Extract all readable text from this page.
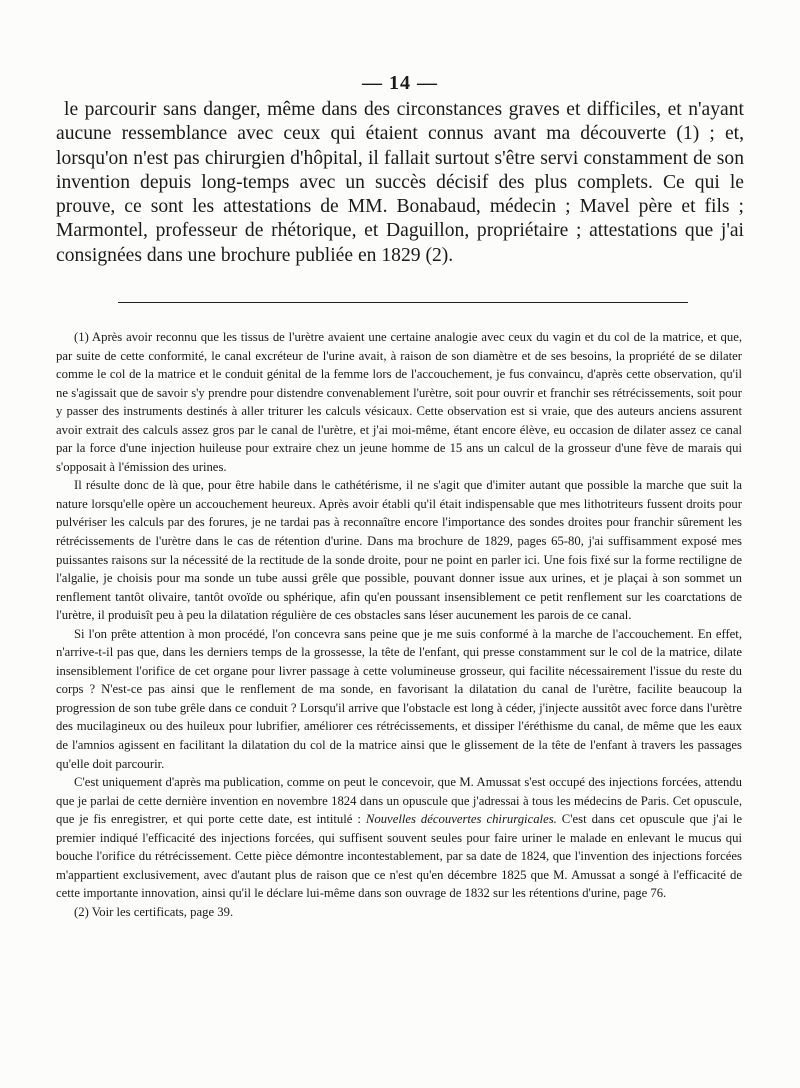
— 14 —

le parcourir sans danger, même dans des circonstances graves et difficiles, et n'ayant aucune ressemblance avec ceux qui étaient connus avant ma découverte (1) ; et, lorsqu'on n'est pas chirurgien d'hôpital, il fallait surtout s'être servi constamment de son invention depuis long-temps avec un succès décisif des plus complets. Ce qui le prouve, ce sont les attestations de MM. Bonabaud, médecin ; Mavel père et fils ; Marmontel, professeur de rhétorique, et Daguillon, propriétaire ; attestations que j'ai consignées dans une brochure publiée en 1829 (2).

(1) Après avoir reconnu que les tissus de l'urètre avaient une certaine analogie avec ceux du vagin et du col de la matrice, et que, par suite de cette conformité, le canal excréteur de l'urine avait, à raison de son diamètre et de ses besoins, la propriété de se dilater comme le col de la matrice et le conduit génital de la femme lors de l'accouchement, je fus convaincu, d'après cette observation, qu'il ne s'agissait que de savoir s'y prendre pour distendre convenablement l'urètre, soit pour ouvrir et franchir ses rétrécissements, soit pour y passer des instruments destinés à aller triturer les calculs vésicaux. Cette observation est si vraie, que des auteurs anciens assurent avoir extrait des calculs assez gros par le canal de l'urètre, et j'ai moi-même, étant encore élève, eu occasion de dilater assez ce canal par la force d'une injection huileuse pour extraire chez un jeune homme de 15 ans un calcul de la grosseur d'une fève de marais qui s'opposait à l'émission des urines.

Il résulte donc de là que, pour être habile dans le cathétérisme, il ne s'agit que d'imiter autant que possible la marche que suit la nature lorsqu'elle opère un accouchement heureux. Après avoir établi qu'il était indispensable que mes lithotriteurs fussent droits pour pulvériser les calculs par des forures, je ne tardai pas à reconnaître encore l'importance des sondes droites pour franchir sûrement les rétrécissements de l'urètre dans le cas de rétention d'urine. Dans ma brochure de 1829, pages 65-80, j'ai suffisamment exposé mes puissantes raisons sur la nécessité de la rectitude de la sonde droite, pour ne point en parler ici. Une fois fixé sur la forme rectiligne de l'algalie, je choisis pour ma sonde un tube aussi grêle que possible, pouvant donner issue aux urines, et je plaçai à son sommet un renflement tantôt olivaire, tantôt ovoïde ou sphérique, afin qu'en poussant insensiblement ce petit renflement sur les coarctations de l'urètre, il produisît peu à peu la dilatation régulière de ces obstacles sans léser aucunement les parois de ce canal.

Si l'on prête attention à mon procédé, l'on concevra sans peine que je me suis conformé à la marche de l'accouchement. En effet, n'arrive-t-il pas que, dans les derniers temps de la grossesse, la tête de l'enfant, qui presse constamment sur le col de la matrice, dilate insensiblement l'orifice de cet organe pour livrer passage à cette volumineuse grosseur, qui facilite nécessairement l'issue du reste du corps ? N'est-ce pas ainsi que le renflement de ma sonde, en favorisant la dilatation du canal de l'urètre, facilite beaucoup la progression de son tube grêle dans ce conduit ? Lorsqu'il arrive que l'obstacle est long à céder, j'injecte aussitôt avec force dans l'urètre des mucilagineux ou des huileux pour lubrifier, améliorer ces rétrécissements, et dissiper l'éréthisme du canal, de même que les eaux de l'amnios agissent en facilitant la dilatation du col de la matrice ainsi que le glissement de la tête de l'enfant à travers les passages qu'elle doit parcourir.

C'est uniquement d'après ma publication, comme on peut le concevoir, que M. Amussat s'est occupé des injections forcées, attendu que je parlai de cette dernière invention en novembre 1824 dans un opuscule que j'adressai à tous les médecins de Paris. Cet opuscule, que je fis enregistrer, et qui porte cette date, est intitulé : Nouvelles découvertes chirurgicales. C'est dans cet opuscule que j'ai le premier indiqué l'efficacité des injections forcées, qui suffisent souvent seules pour faire uriner le malade en enlevant le mucus qui bouche l'orifice du rétrécissement. Cette pièce démontre incontestablement, par sa date de 1824, que l'invention des injections forcées m'appartient exclusivement, avec d'autant plus de raison que ce n'est qu'en décembre 1825 que M. Amussat a songé à l'efficacité de cette importante innovation, ainsi qu'il le déclare lui-même dans son ouvrage de 1832 sur les rétentions d'urine, page 76.

(2) Voir les certificats, page 39.
